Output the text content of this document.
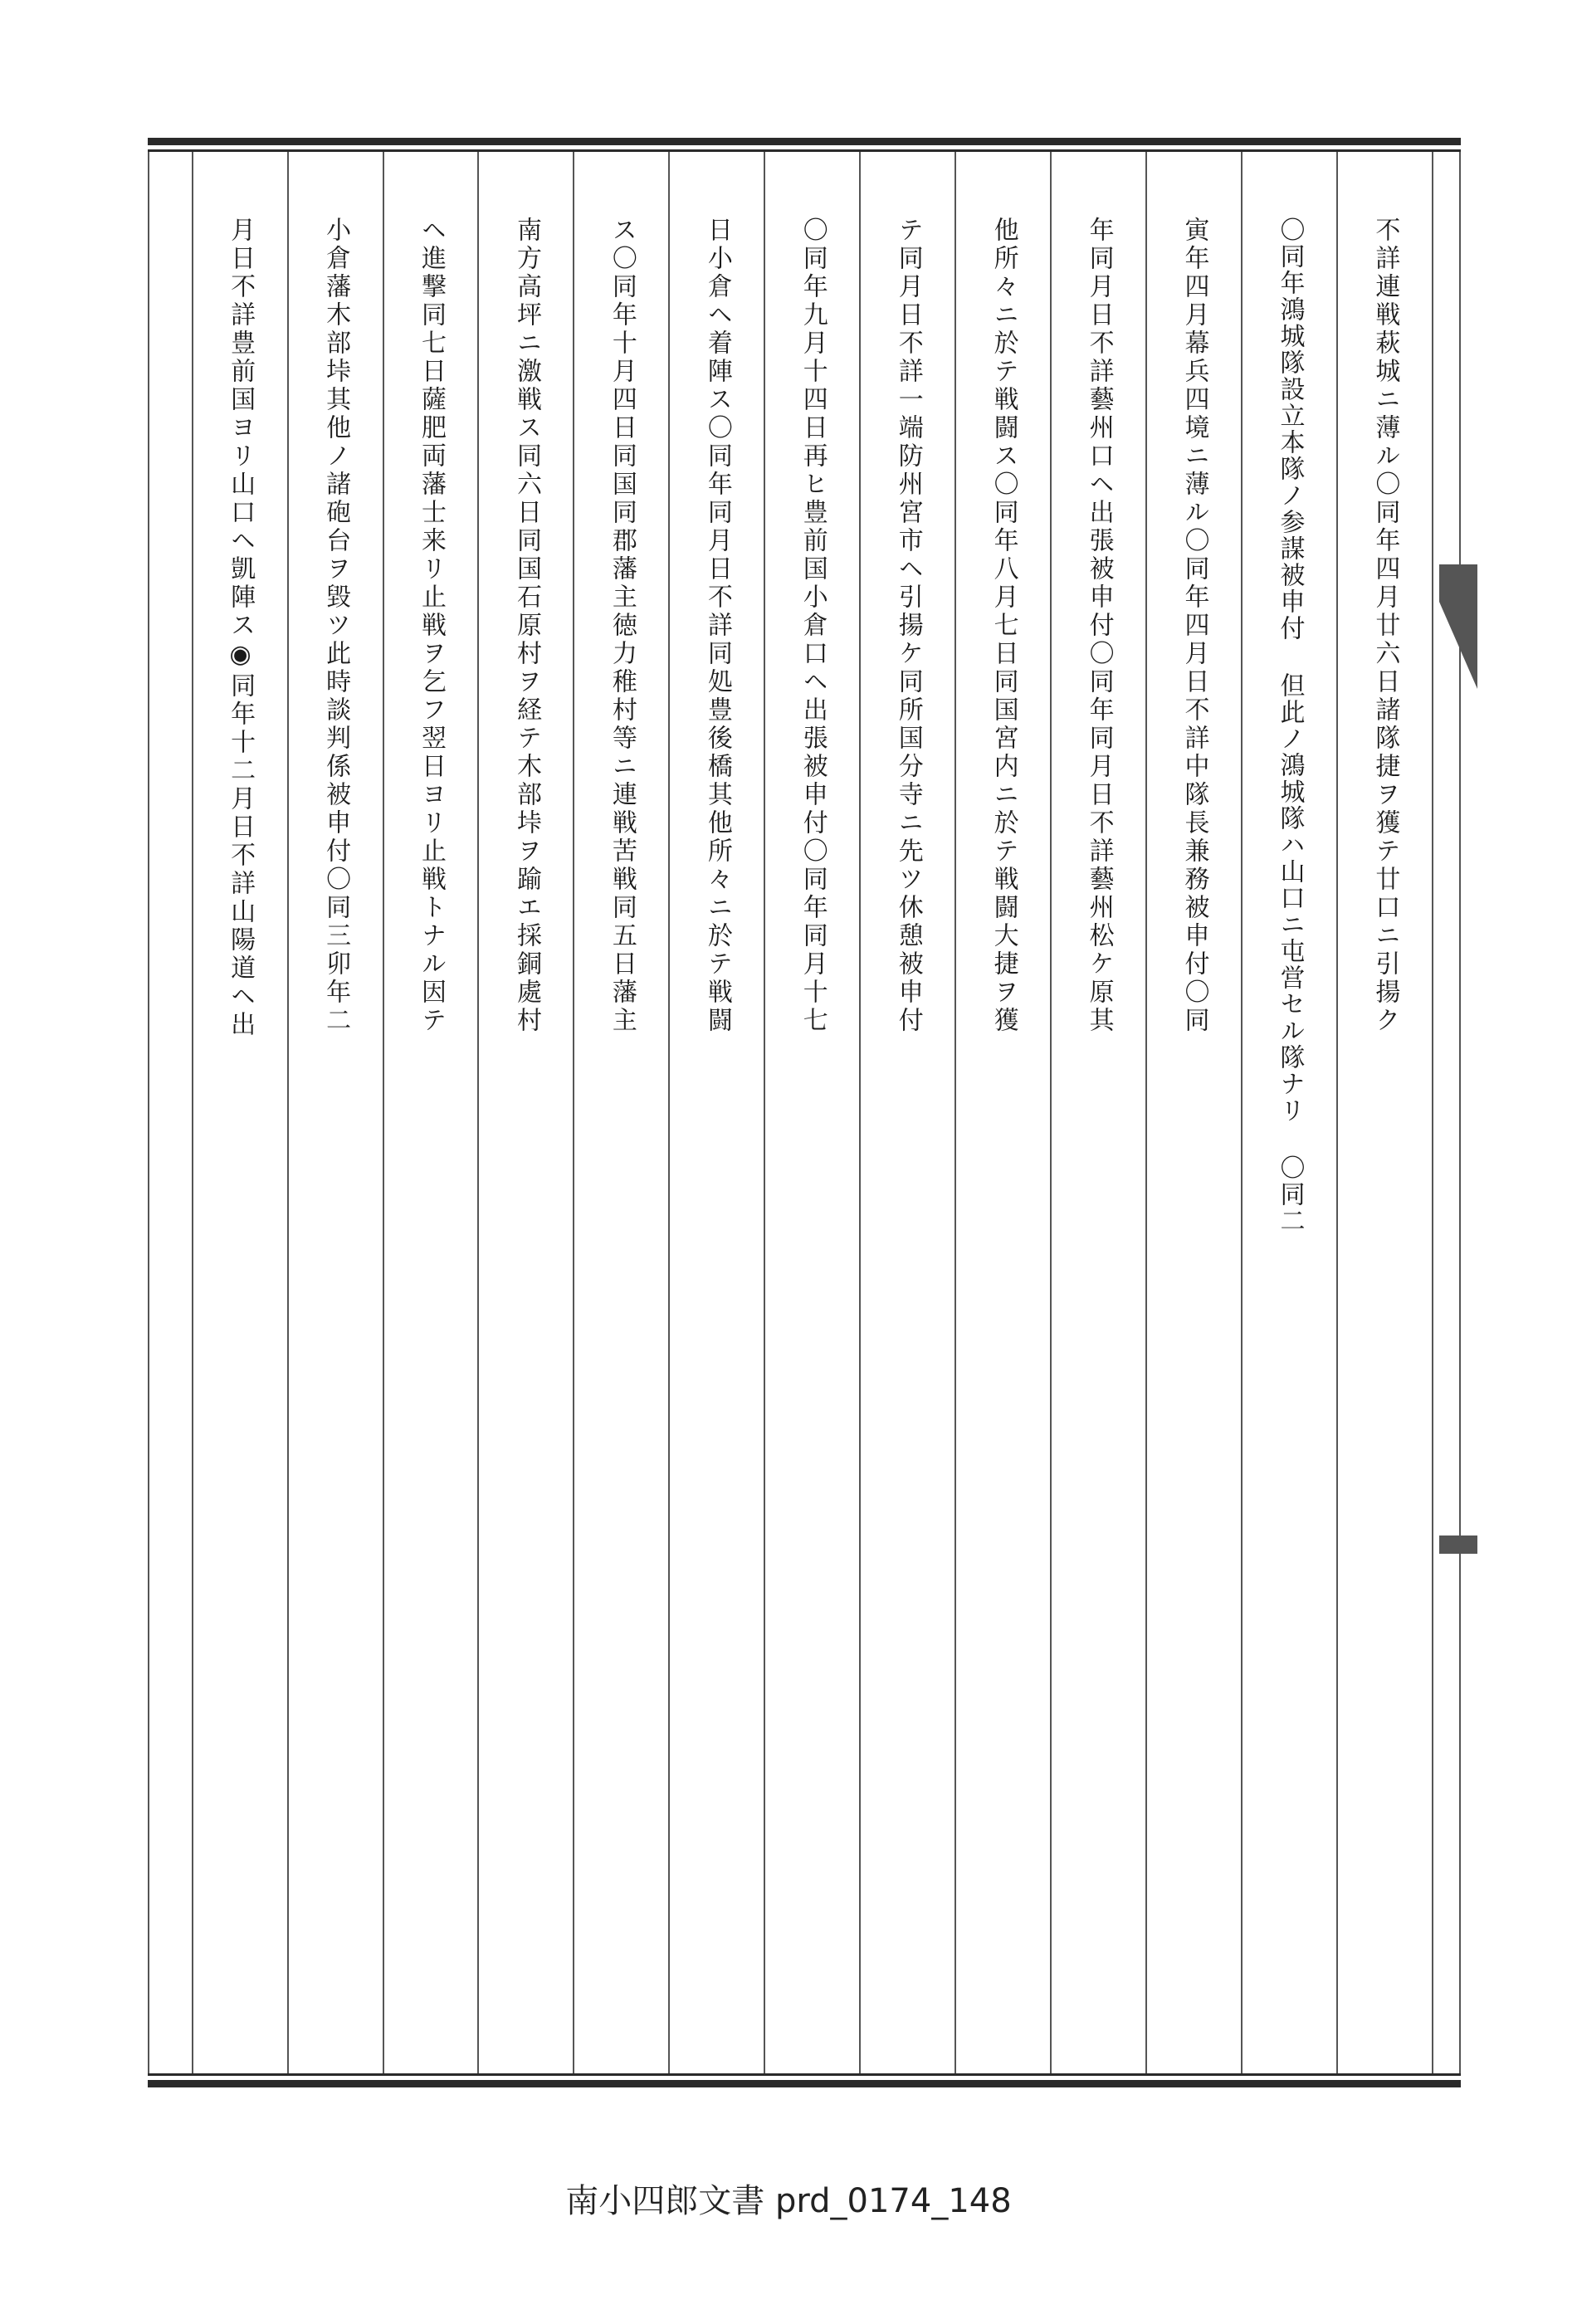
不詳連戦萩城ニ薄ル〇同年四月廿六日諸隊捷ヲ獲テ廿口ニ引揚ク
〇同年鴻城隊設立本隊ノ参謀被申付 但此ノ鴻城隊ハ山口ニ屯営セル隊ナリ 〇同二
寅年四月幕兵四境ニ薄ル〇同年四月日不詳中隊長兼務被申付〇同
年同月日不詳藝州口ヘ出張被申付〇同年同月日不詳藝州松ケ原其
他所々ニ於テ戦闘ス〇同年八月七日同国宮内ニ於テ戦闘大捷ヲ獲
テ同月日不詳一端防州宮市ヘ引揚ケ同所国分寺ニ先ツ休憩被申付
〇同年九月十四日再ヒ豊前国小倉口ヘ出張被申付〇同年同月十七
日小倉ヘ着陣ス〇同年同月日不詳同処豊後橋其他所々ニ於テ戦闘
ス〇同年十月四日同国同郡藩主徳力稚村等ニ連戦苦戦同五日藩主
南方高坪ニ激戦ス同六日同国石原村ヲ経テ木部垰ヲ踰エ採銅處村
ヘ進撃同七日薩肥両藩士来リ止戦ヲ乞フ翌日ヨリ止戦トナル因テ
小倉藩木部垰其他ノ諸砲台ヲ毀ツ此時談判係被申付〇同三卯年二
月日不詳豊前国ヨリ山口ヘ凱陣ス◉同年十二月日不詳山陽道ヘ出
南小四郎文書 prd_0174_148
